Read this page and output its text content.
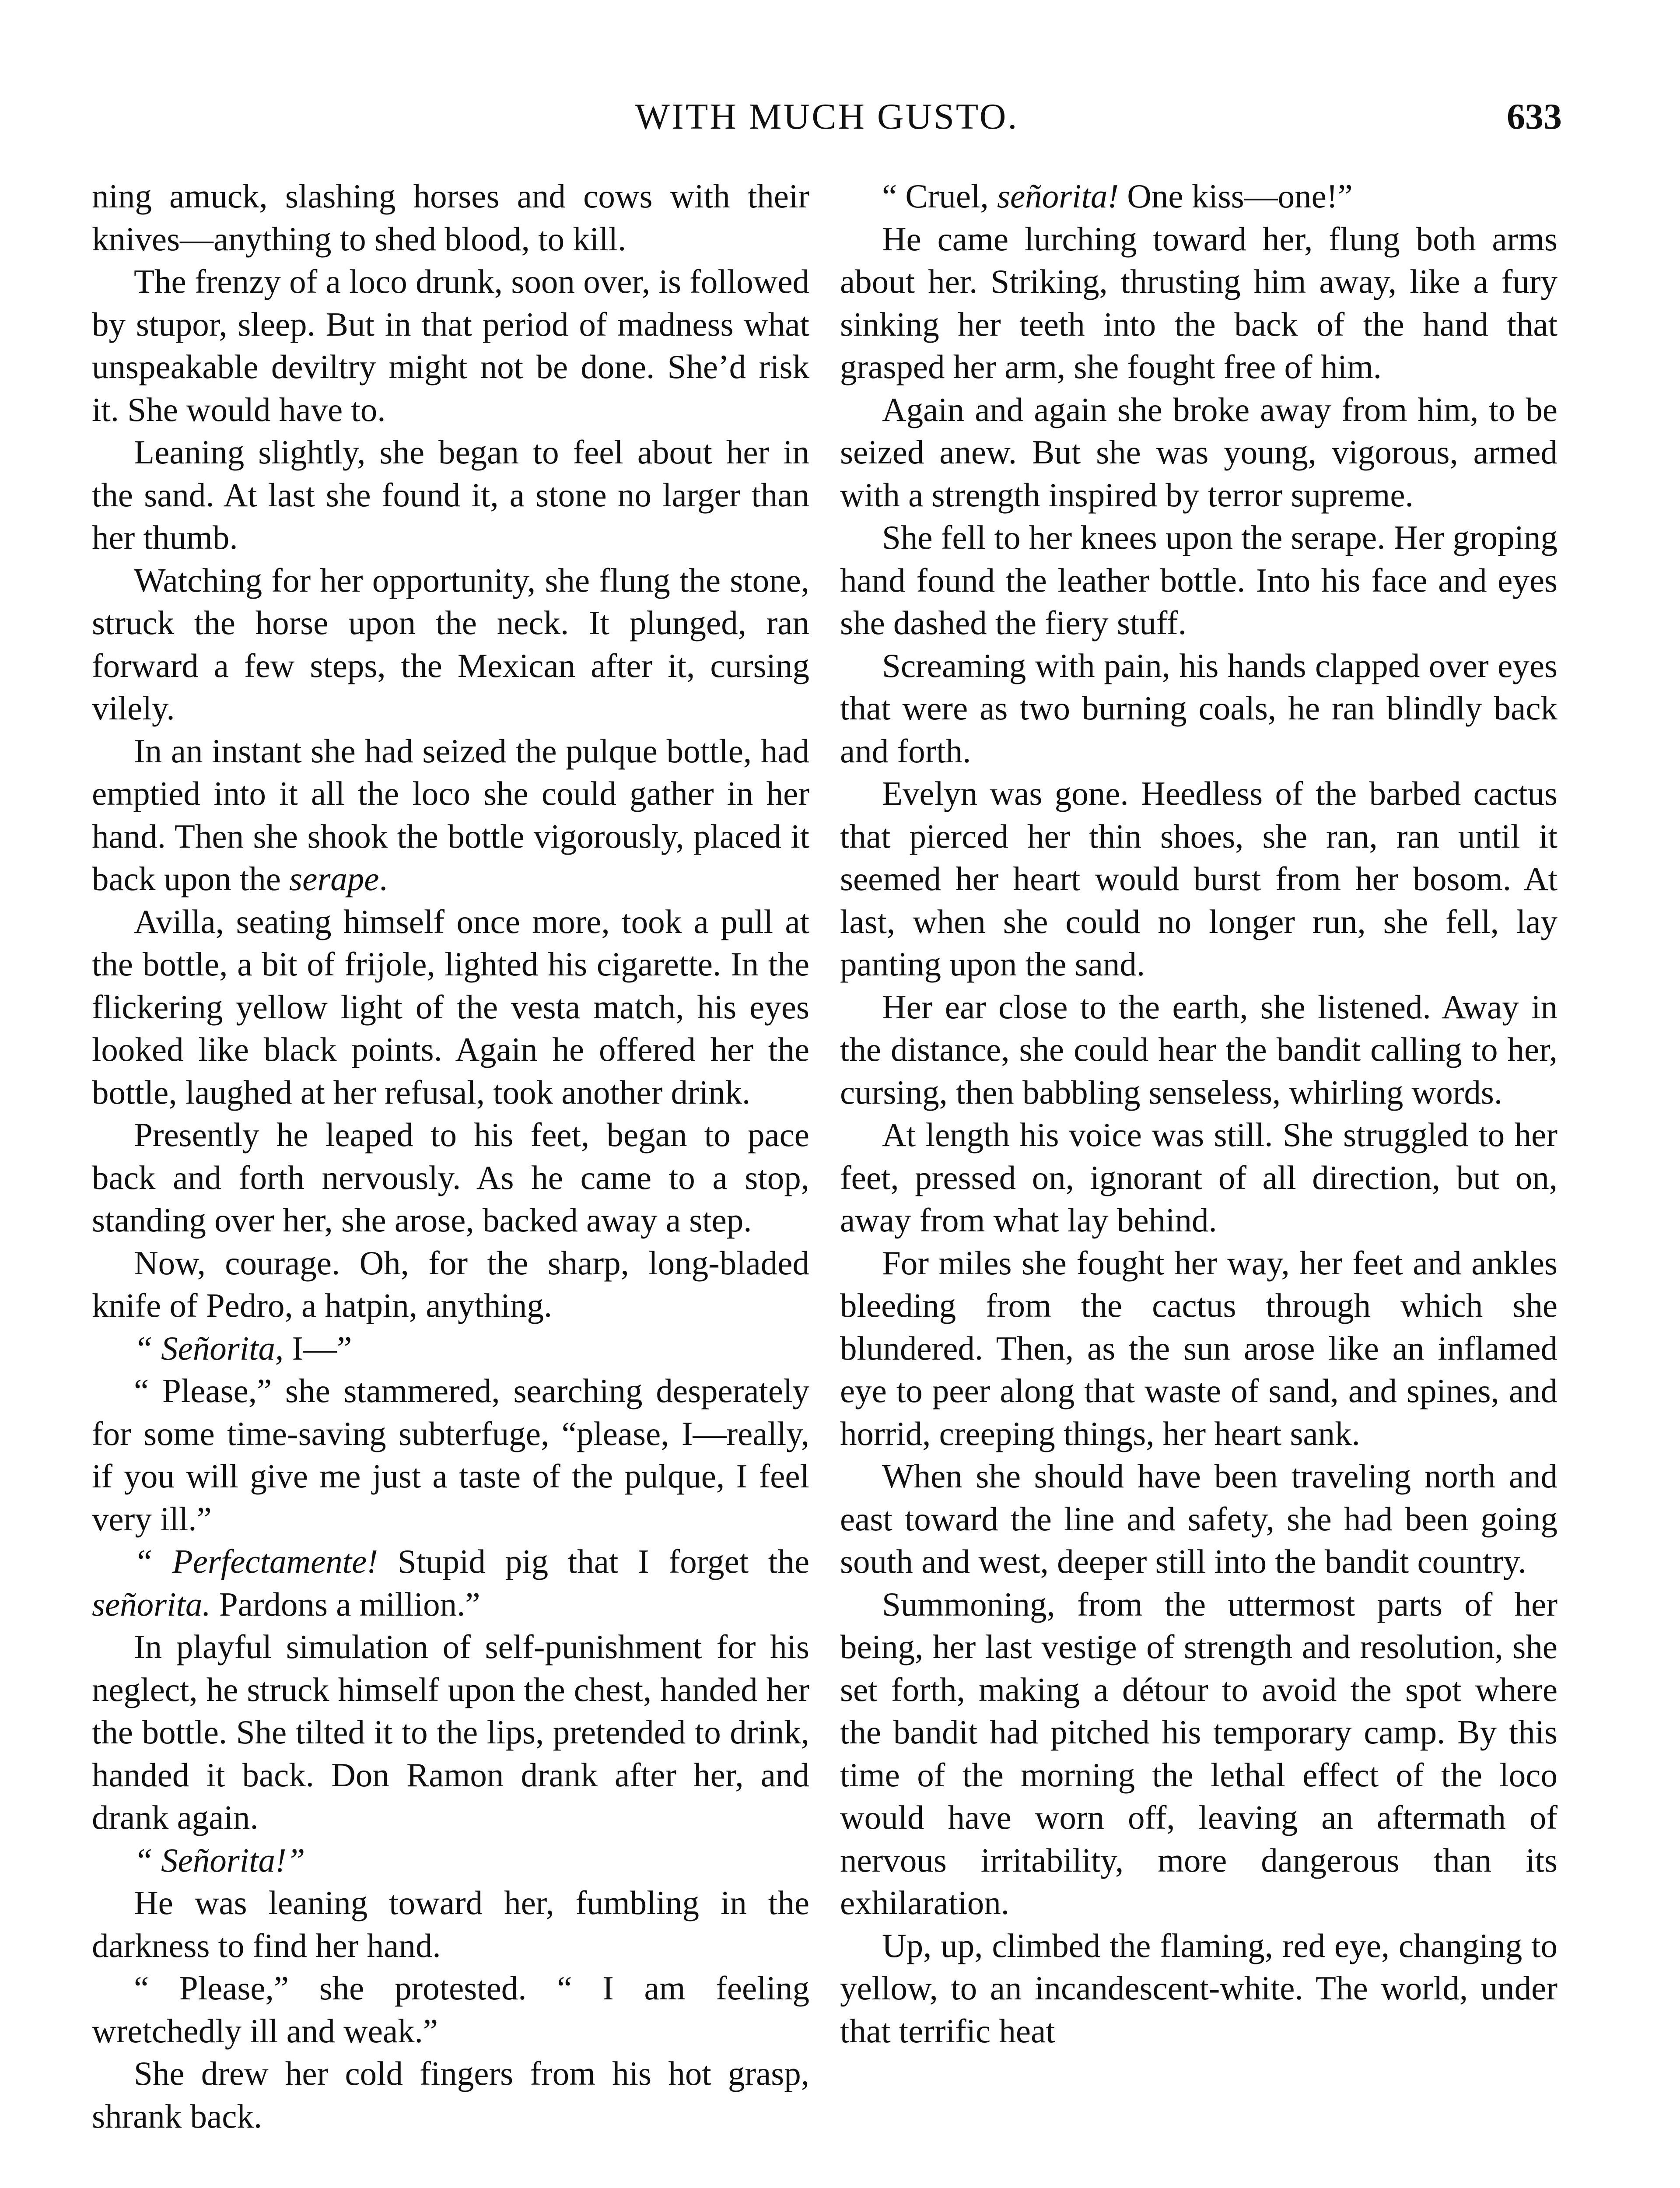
WITH MUCH GUSTO.	633

ning amuck, slashing horses and cows with their knives—anything to shed blood, to kill.

The frenzy of a loco drunk, soon over, is followed by stupor, sleep. But in that period of madness what unspeakable deviltry might not be done. She’d risk it. She would have to.

Leaning slightly, she began to feel about her in the sand. At last she found it, a stone no larger than her thumb.

Watching for her opportunity, she flung the stone, struck the horse upon the neck. It plunged, ran forward a few steps, the Mexican after it, cursing vilely.

In an instant she had seized the pulque bottle, had emptied into it all the loco she could gather in her hand. Then she shook the bottle vigorously, placed it back upon the serape.

Avilla, seating himself once more, took a pull at the bottle, a bit of frijole, lighted his cigarette. In the flickering yellow light of the vesta match, his eyes looked like black points. Again he offered her the bottle, laughed at her refusal, took another drink.

Presently he leaped to his feet, began to pace back and forth nervously. As he came to a stop, standing over her, she arose, backed away a step.

Now, courage. Oh, for the sharp, long-bladed knife of Pedro, a hatpin, anything.

“ Señorita, I—”

“ Please,” she stammered, searching desperately for some time-saving subterfuge, “please, I—really, if you will give me just a taste of the pulque, I feel very ill.”

“ Perfectamente! Stupid pig that I forget the señorita. Pardons a million.”

In playful simulation of self-punishment for his neglect, he struck himself upon the chest, handed her the bottle. She tilted it to the lips, pretended to drink, handed it back. Don Ramon drank after her, and drank again.

“ Señorita!”

He was leaning toward her, fumbling in the darkness to find her hand.

“ Please,” she protested. “ I am feeling wretchedly ill and weak.”

She drew her cold fingers from his hot grasp, shrank back.

“ Cruel, señorita! One kiss—one!”

He came lurching toward her, flung both arms about her. Striking, thrusting him away, like a fury sinking her teeth into the back of the hand that grasped her arm, she fought free of him.

Again and again she broke away from him, to be seized anew. But she was young, vigorous, armed with a strength inspired by terror supreme.

She fell to her knees upon the serape. Her groping hand found the leather bottle. Into his face and eyes she dashed the fiery stuff.

Screaming with pain, his hands clapped over eyes that were as two burning coals, he ran blindly back and forth.

Evelyn was gone. Heedless of the barbed cactus that pierced her thin shoes, she ran, ran until it seemed her heart would burst from her bosom. At last, when she could no longer run, she fell, lay panting upon the sand.

Her ear close to the earth, she listened. Away in the distance, she could hear the bandit calling to her, cursing, then babbling senseless, whirling words.

At length his voice was still. She struggled to her feet, pressed on, ignorant of all direction, but on, away from what lay behind.

For miles she fought her way, her feet and ankles bleeding from the cactus through which she blundered. Then, as the sun arose like an inflamed eye to peer along that waste of sand, and spines, and horrid, creeping things, her heart sank.

When she should have been traveling north and east toward the line and safety, she had been going south and west, deeper still into the bandit country.

Summoning, from the uttermost parts of her being, her last vestige of strength and resolution, she set forth, making a détour to avoid the spot where the bandit had pitched his temporary camp. By this time of the morning the lethal effect of the loco would have worn off, leaving an aftermath of nervous irritability, more dangerous than its exhilaration.

Up, up, climbed the flaming, red eye, changing to yellow, to an incandescent-white. The world, under that terrific heat
